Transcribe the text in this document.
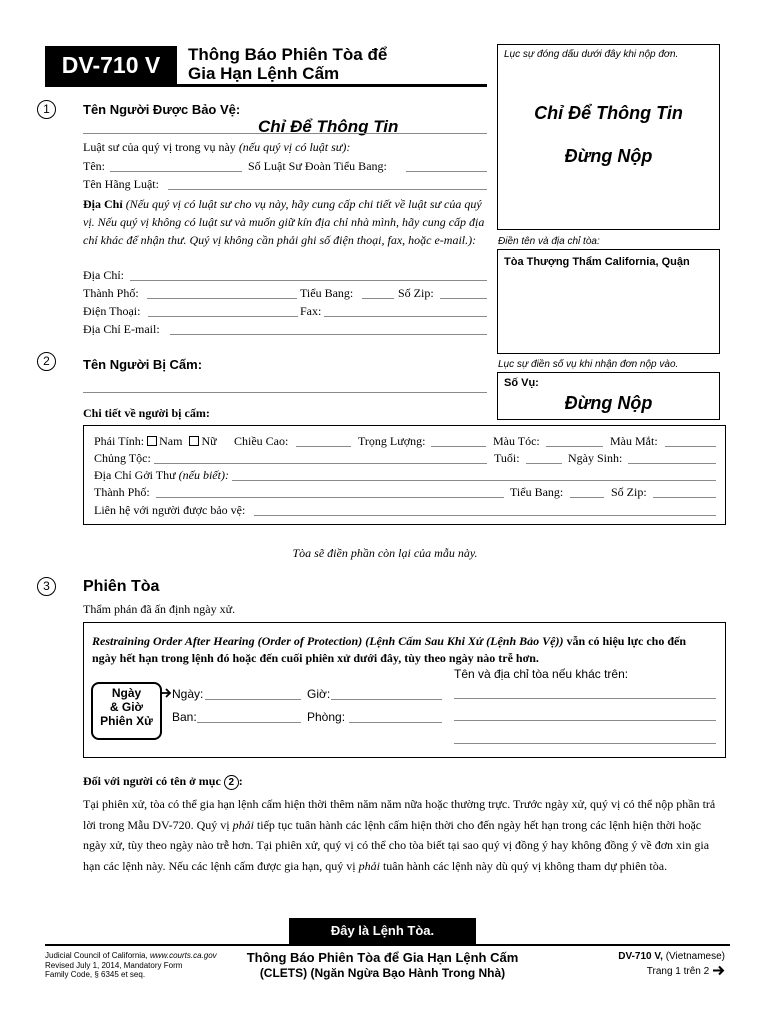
DV-710 V	Thông Báo Phiên Tòa để
Gia Hạn Lệnh Cấm
Lục sự đóng dấu dưới đây khi nộp đơn.
Chỉ Để Thông Tin
Đừng Nộp
Điền tên và địa chỉ tòa:
Tòa Thượng Thẩm California, Quận
Lục sự điền số vụ khi nhận đơn nộp vào.
Số Vụ:
Đừng Nộp
1	Tên Người Được Bảo Vệ:
Chỉ Để Thông Tin
Luật sư của quý vị trong vụ này (nếu quý vị có luật sư):
Tên:	Số Luật Sư Đoàn Tiểu Bang:
Tên Hãng Luật:
Địa Chỉ (Nếu quý vị có luật sư cho vụ này, hãy cung cấp chi tiết về luật sư của quý vị. Nếu quý vị không có luật sư và muốn giữ kín địa chỉ nhà mình, hãy cung cấp địa chỉ khác để nhận thư. Quý vị không cần phải ghi số điện thoại, fax, hoặc e-mail.):
Địa Chỉ:
Thành Phố:	Tiểu Bang:	Số Zip:
Điện Thoại:	Fax:
Địa Chỉ E-mail:
2	Tên Người Bị Cấm:
Chi tiết về người bị cấm:
Phái Tính: Nam Nữ Chiều Cao:	Trọng Lượng:	Màu Tóc:	Màu Mắt:
Chủng Tộc:	Tuổi:	Ngày Sinh:
Địa Chỉ Gởi Thư (nếu biết):
Thành Phố:	Tiểu Bang:	Số Zip:
Liên hệ với người được bảo vệ:
Tòa sẽ điền phần còn lại của mẫu này.
3	Phiên Tòa
Thẩm phán đã ấn định ngày xử.
Restraining Order After Hearing (Order of Protection) (Lệnh Cấm Sau Khi Xử (Lệnh Bảo Vệ)) vẫn có hiệu lực cho đến ngày hết hạn trong lệnh đó hoặc đến cuối phiên xử dưới đây, tùy theo ngày nào trễ hơn.
Tên và địa chỉ tòa nếu khác trên:
Ngày
& Giờ
Phiên Xử
Ngày:	Giờ:
Ban:	Phòng:
Đối với người có tên ở mục 2 :
Tại phiên xử, tòa có thể gia hạn lệnh cấm hiện thời thêm năm năm nữa hoặc thường trực. Trước ngày xử, quý vị có thể nộp phần trả lời trong Mẫu DV-720. Quý vị phải tiếp tục tuân hành các lệnh cấm hiện thời cho đến ngày hết hạn trong các lệnh hiện thời hoặc ngày xử, tùy theo ngày nào trễ hơn. Tại phiên xử, quý vị có thể cho tòa biết tại sao quý vị đồng ý hay không đồng ý về đơn xin gia hạn các lệnh này. Nếu các lệnh cấm được gia hạn, quý vị phải tuân hành các lệnh này dù quý vị không tham dự phiên tòa.
Đây là Lệnh Tòa.
Judicial Council of California, www.courts.ca.gov
Revised July 1, 2014, Mandatory Form
Family Code, § 6345 et seq.
Thông Báo Phiên Tòa để Gia Hạn Lệnh Cấm
(CLETS) (Ngăn Ngừa Bạo Hành Trong Nhà)
DV-710 V, (Vietnamese)
Trang 1 trên 2
